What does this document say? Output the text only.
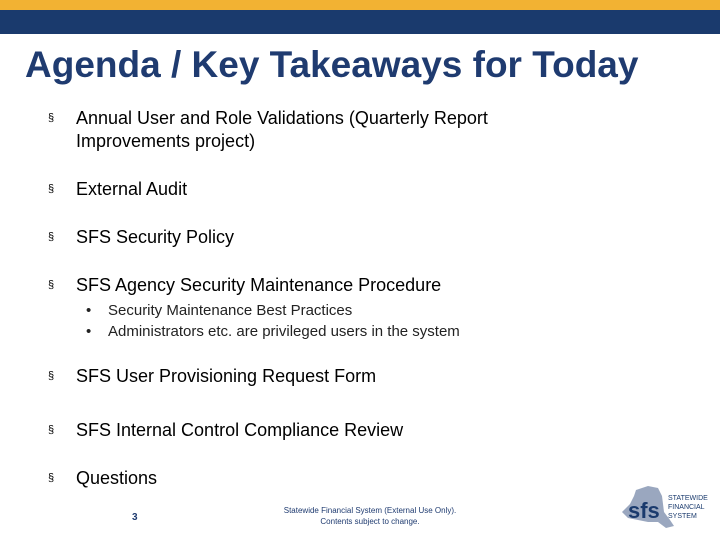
Agenda / Key Takeaways for Today
§ Annual User and Role Validations (Quarterly Report
Improvements project)
§ External Audit
§ SFS Security Policy
§ SFS Agency Security Maintenance Procedure
• Security Maintenance Best Practices
• Administrators etc. are privileged users in the system
§ SFS User Provisioning Request Form
§ SFS Internal Control Compliance Review
§ Questions
3
Statewide Financial System (External Use Only).
Contents subject to change.	sfs STATEWIDE
FINANCIAL
SYSTEM
